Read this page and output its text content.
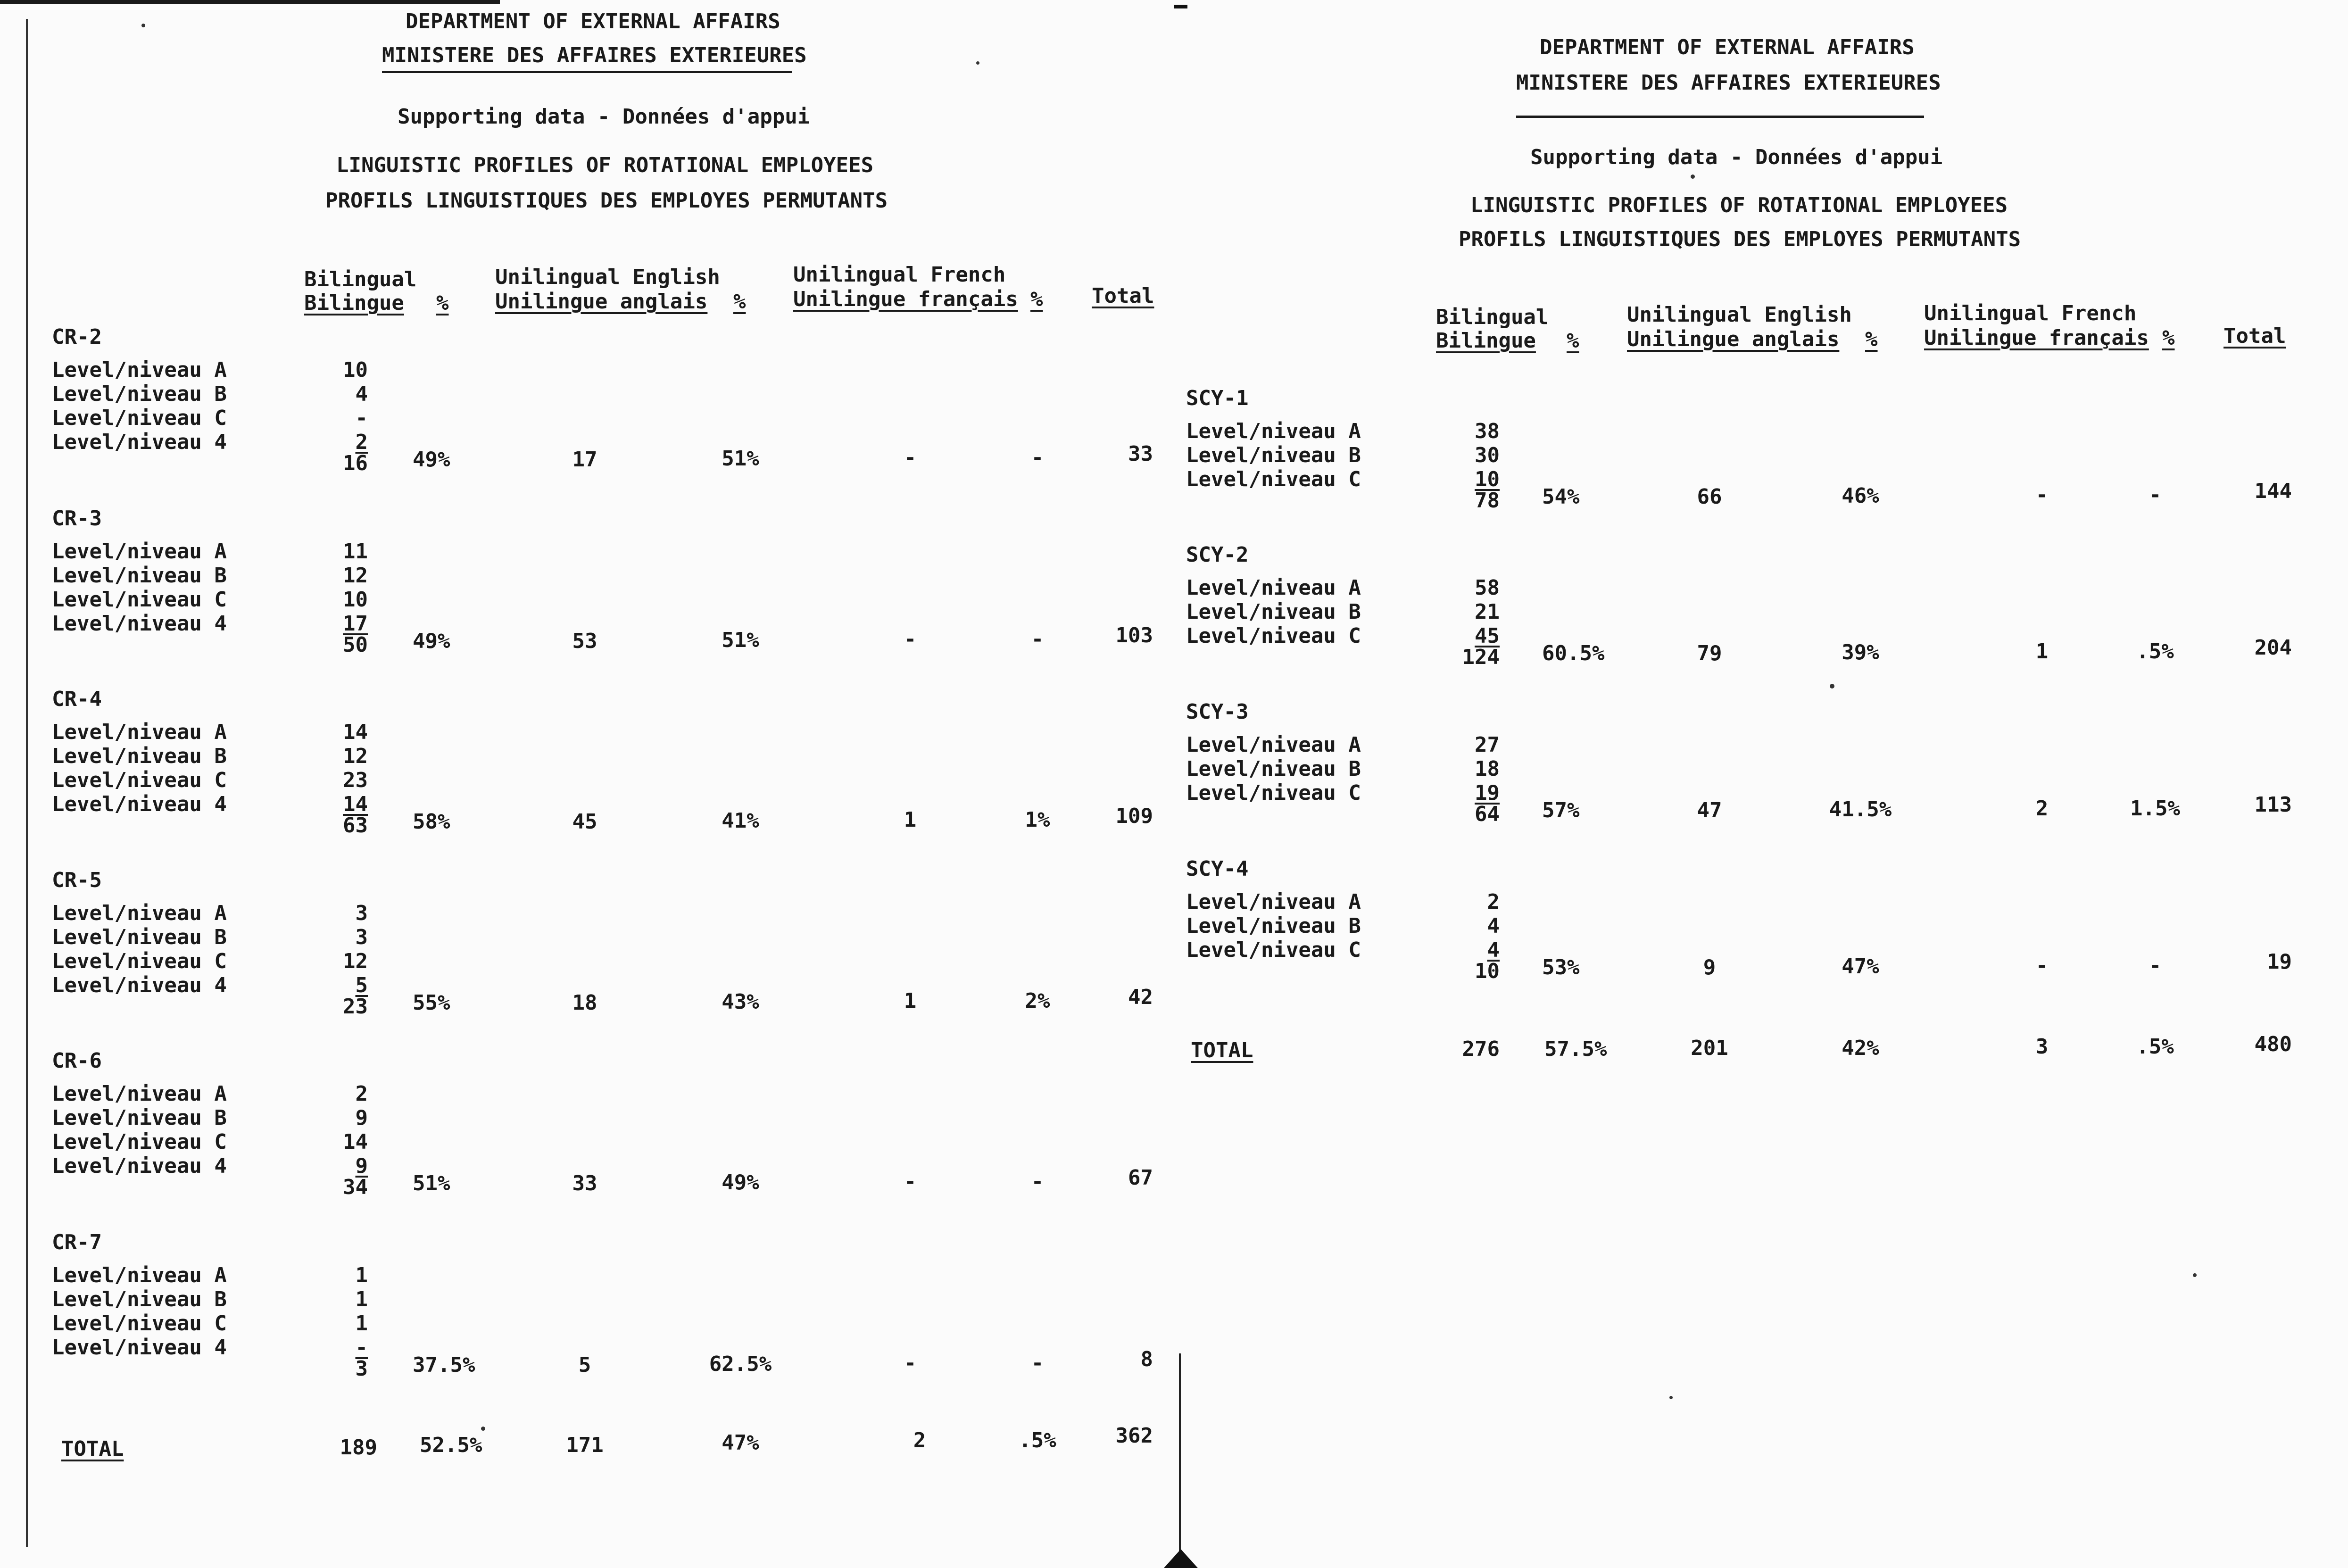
DEPARTMENT OF EXTERNAL AFFAIRS
MINISTERE DES AFFAIRES EXTERIEURES
Supporting data - Données d'appui
LINGUISTIC PROFILES OF ROTATIONAL EMPLOYEES
PROFILS LINGUISTIQUES DES EMPLOYES PERMUTANTS
Bilingual
Bilingue %
Unilingual English
Unilingue anglais %
Unilingual French
Unilingue français % Total
CR-2
Level/niveau A	10
Level/niveau B	4
Level/niveau C	-
Level/niveau 4	2
16 49%	17	51%	-	-	33
CR-3
Level/niveau A	11
Level/niveau B	12
Level/niveau C	10
Level/niveau 4	17
50 49%	53	51%	-	-	103
CR-4
Level/niveau A	14
Level/niveau B	12
Level/niveau C	23
Level/niveau 4	14
63 58%	45	41%	1	1%	109
CR-5
Level/niveau A	3
Level/niveau B	3
Level/niveau C	12
Level/niveau 4	5
23 55%	18	43%	1	2%	42
CR-6
Level/niveau A	2
Level/niveau B	9
Level/niveau C	14
Level/niveau 4	9
34 51%	33	49%	-	-	67
CR-7
Level/niveau A	1
Level/niveau B	1
Level/niveau C	1
Level/niveau 4	-
3 37.5%	5	62.5%	-	-	8
TOTAL	189 52.5%	171	47%	2	.5%	362
DEPARTMENT OF EXTERNAL AFFAIRS
MINISTERE DES AFFAIRES EXTERIEURES
Supporting data - Données d'appui
LINGUISTIC PROFILES OF ROTATIONAL EMPLOYEES
PROFILS LINGUISTIQUES DES EMPLOYES PERMUTANTS
Bilingual
Bilingue %
Unilingual English
Unilingue anglais %
Unilingual French
Unilingue français % Total
SCY-1
Level/niveau A	38
Level/niveau B	30
Level/niveau C	10
78 54%	66	46%	-	-	144
SCY-2
Level/niveau A	58
Level/niveau B	21
Level/niveau C	45
124 60.5%	79	39%	1	.5%	204
SCY-3
Level/niveau A	27
Level/niveau B	18
Level/niveau C	19
64 57%	47	41.5%	2	1.5%	113
SCY-4
Level/niveau A	2
Level/niveau B	4
Level/niveau C	4
10 53%	9	47%	-	-	19
TOTAL	276 57.5%	201	42%	3	.5%	480
